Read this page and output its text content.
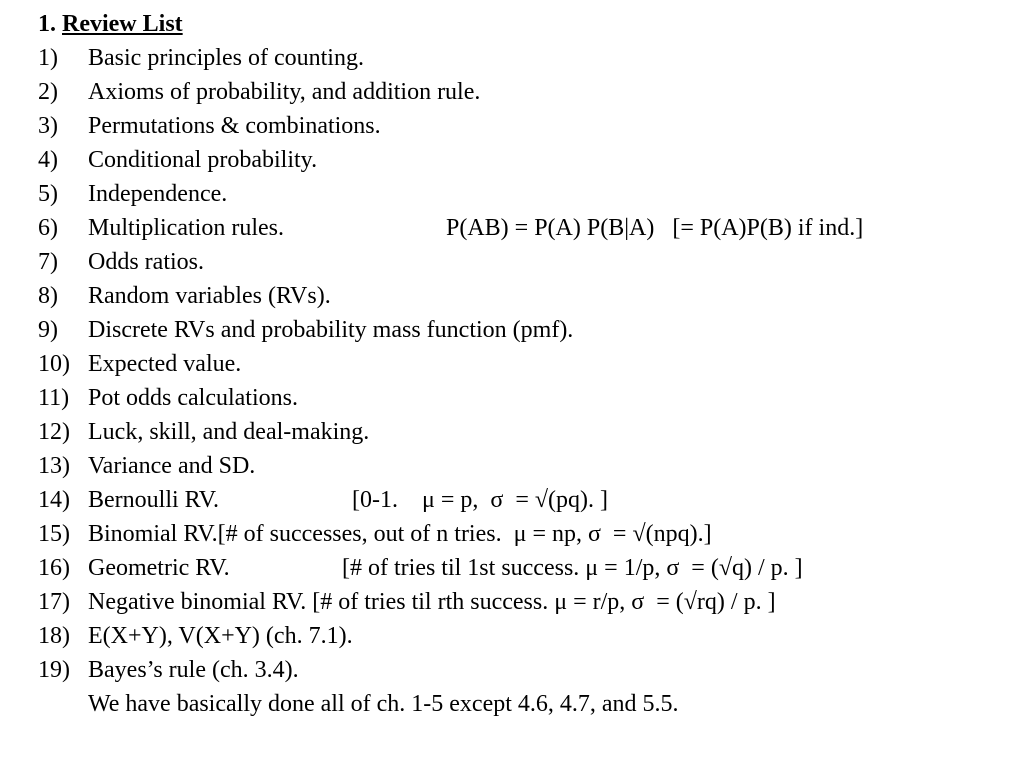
1. Review List
1) Basic principles of counting.
2) Axioms of probability, and addition rule.
3) Permutations & combinations.
4) Conditional probability.
5) Independence.
6) Multiplication rules.	P(AB) = P(A) P(B|A)   [= P(A)P(B) if ind.]
7) Odds ratios.
8) Random variables (RVs).
9) Discrete RVs and probability mass function (pmf).
10) Expected value.
11) Pot odds calculations.
12) Luck, skill, and deal-making.
13) Variance and SD.
14) Bernoulli RV.	[0-1.    μ = p,  σ  = √(pq). ]
15) Binomial RV.[# of successes, out of n tries.  μ = np, σ  = √(npq).]
16) Geometric RV.	[# of tries til 1st success. μ = 1/p, σ  = (√q) / p. ]
17) Negative binomial RV. [# of tries til rth success. μ = r/p, σ  = (√rq) / p. ]
18) E(X+Y), V(X+Y) (ch. 7.1).
19) Bayes’s rule (ch. 3.4).
We have basically done all of ch. 1-5 except 4.6, 4.7, and 5.5.
